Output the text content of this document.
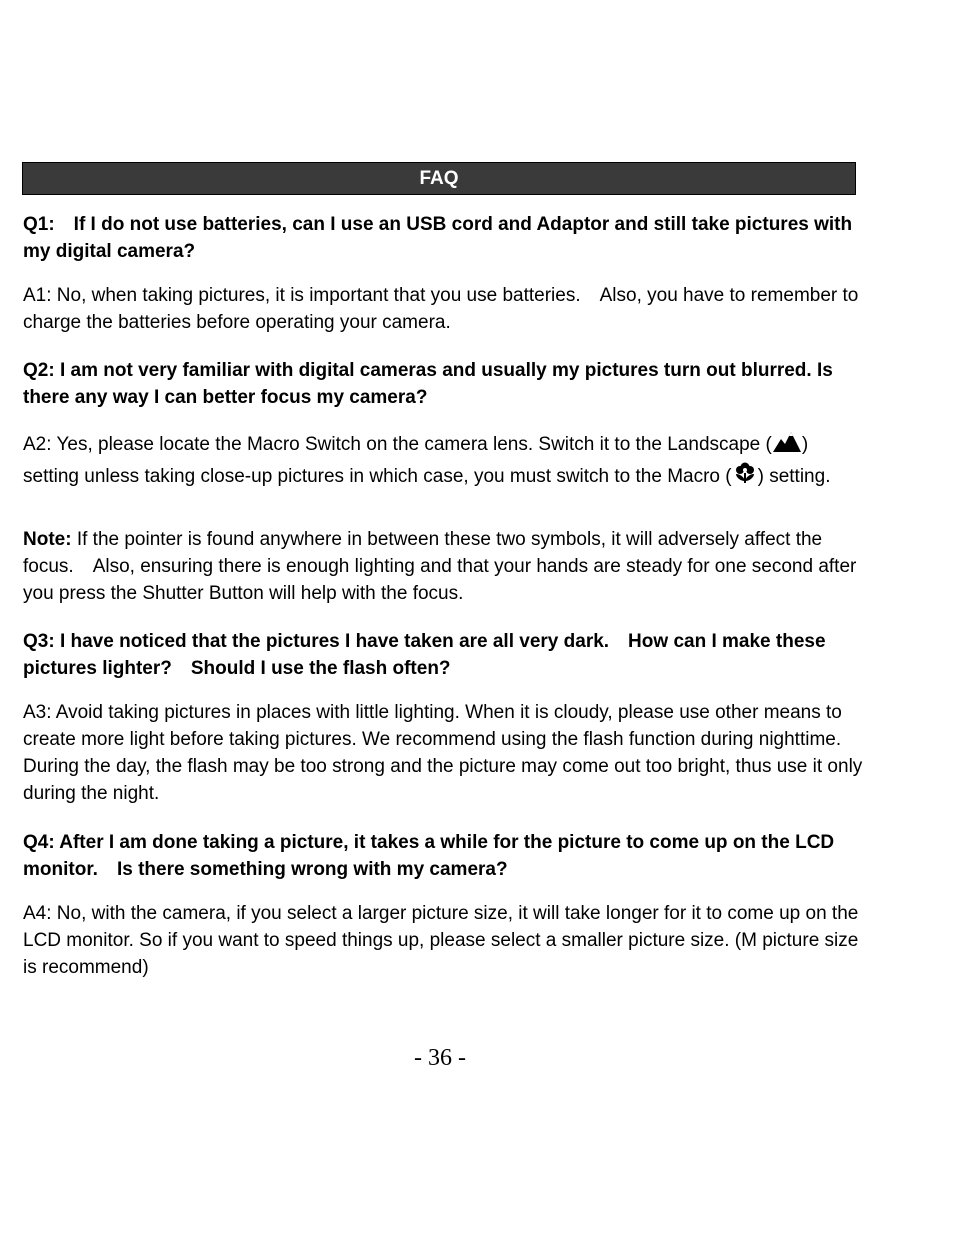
FAQ
Q1: If I do not use batteries, can I use an USB cord and Adaptor and still take pictures with my digital camera?
A1: No, when taking pictures, it is important that you use batteries. Also, you have to remember to charge the batteries before operating your camera.
Q2: I am not very familiar with digital cameras and usually my pictures turn out blurred. Is there any way I can better focus my camera?
A2: Yes, please locate the Macro Switch on the camera lens. Switch it to the Landscape ( ) setting unless taking close-up pictures in which case, you must switch to the Macro ( ) setting.
Note: If the pointer is found anywhere in between these two symbols, it will adversely affect the focus. Also, ensuring there is enough lighting and that your hands are steady for one second after you press the Shutter Button will help with the focus.
Q3: I have noticed that the pictures I have taken are all very dark. How can I make these pictures lighter? Should I use the flash often?
A3: Avoid taking pictures in places with little lighting. When it is cloudy, please use other means to create more light before taking pictures. We recommend using the flash function during nighttime. During the day, the flash may be too strong and the picture may come out too bright, thus use it only during the night.
Q4: After I am done taking a picture, it takes a while for the picture to come up on the LCD monitor. Is there something wrong with my camera?
A4: No, with the camera, if you select a larger picture size, it will take longer for it to come up on the LCD monitor. So if you want to speed things up, please select a smaller picture size. (M picture size is recommend)
- 36 -
